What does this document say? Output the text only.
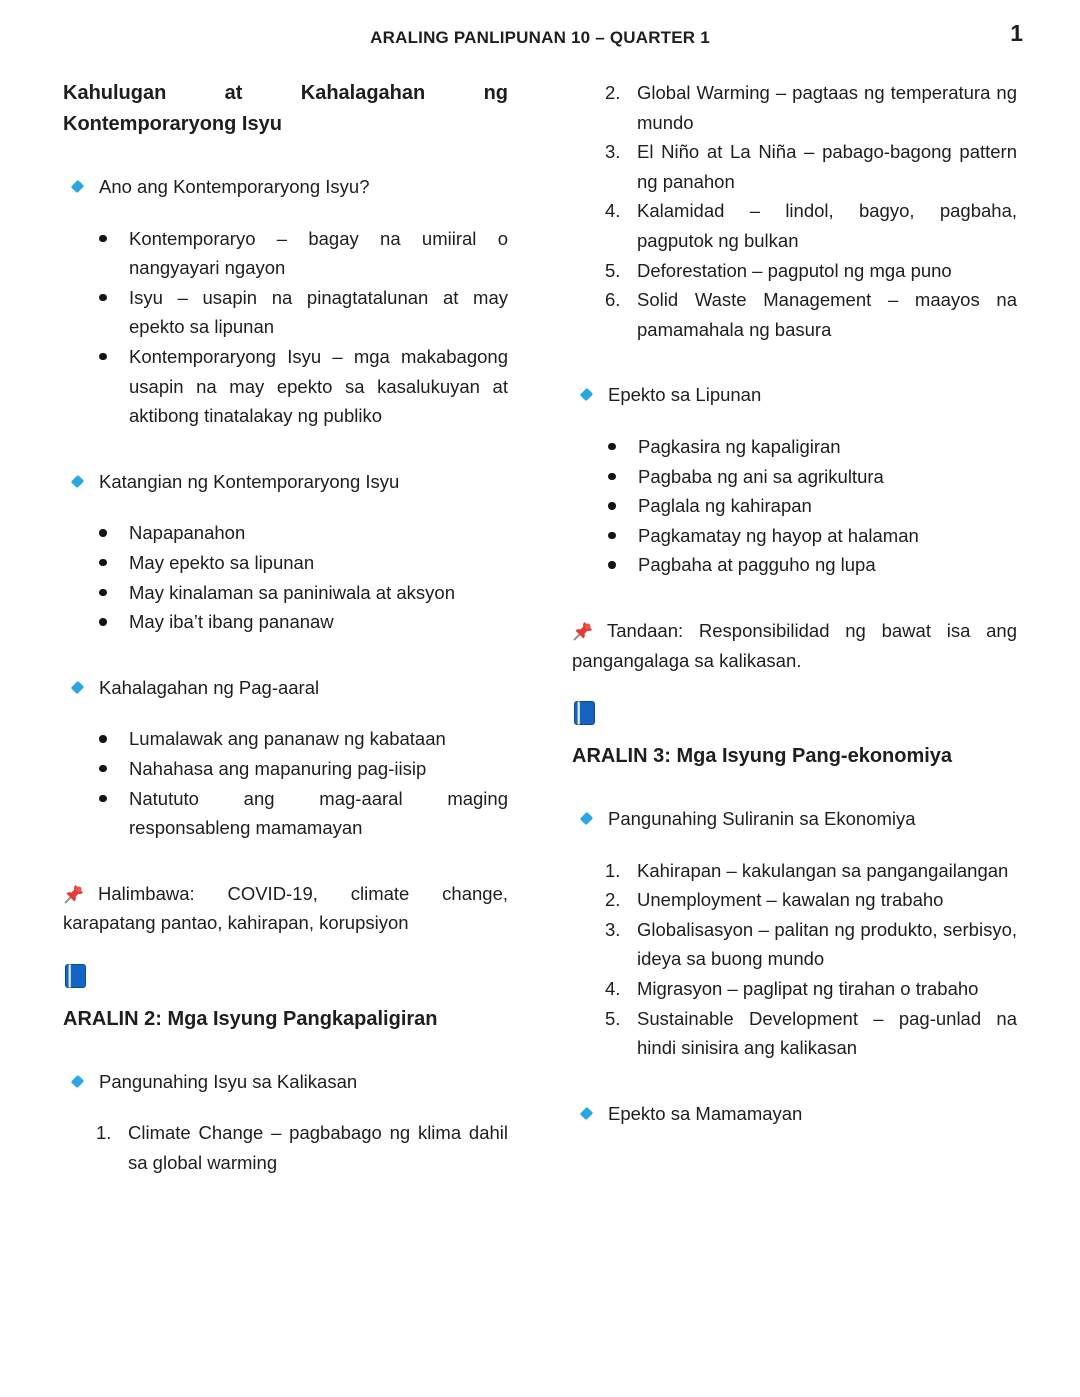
ARALING PANLIPUNAN 10 – QUARTER 1	1
Kahulugan at Kahalagahan ng Kontemporaryong Isyu
Ano ang Kontemporaryong Isyu?
Kontemporaryo – bagay na umiiral o nangyayari ngayon
Isyu – usapin na pinagtatalunan at may epekto sa lipunan
Kontemporaryong Isyu – mga makabagong usapin na may epekto sa kasalukuyan at aktibong tinatalakay ng publiko
Katangian ng Kontemporaryong Isyu
Napapanahon
May epekto sa lipunan
May kinalaman sa paniniwala at aksyon
May iba’t ibang pananaw
Kahalagahan ng Pag-aaral
Lumalawak ang pananaw ng kabataan
Nahahasa ang mapanuring pag-iisip
Natututo ang mag-aaral maging responsableng mamamayan

Halimbawa: COVID-19, climate change, karapatang pantao, kahirapan, korupsiyon

ARALIN 2: Mga Isyung Pangkapaligiran
Pangunahing Isyu sa Kalikasan
1. Climate Change – pagbabago ng klima dahil sa global warming
2. Global Warming – pagtaas ng temperatura ng mundo
3. El Niño at La Niña – pabago-bagong pattern ng panahon
4. Kalamidad – lindol, bagyo, pagbaha, pagputok ng bulkan
5. Deforestation – pagputol ng mga puno
6. Solid Waste Management – maayos na pamamahala ng basura
Epekto sa Lipunan
Pagkasira ng kapaligiran
Pagbaba ng ani sa agrikultura
Paglala ng kahirapan
Pagkamatay ng hayop at halaman
Pagbaha at pagguho ng lupa

Tandaan: Responsibilidad ng bawat isa ang pangangalaga sa kalikasan.

ARALIN 3: Mga Isyung Pang-ekonomiya
Pangunahing Suliranin sa Ekonomiya
1. Kahirapan – kakulangan sa pangangailangan
2. Unemployment – kawalan ng trabaho
3. Globalisasyon – palitan ng produkto, serbisyo, ideya sa buong mundo
4. Migrasyon – paglipat ng tirahan o trabaho
5. Sustainable Development – pag-unlad na hindi sinisira ang kalikasan
Epekto sa Mamamayan
